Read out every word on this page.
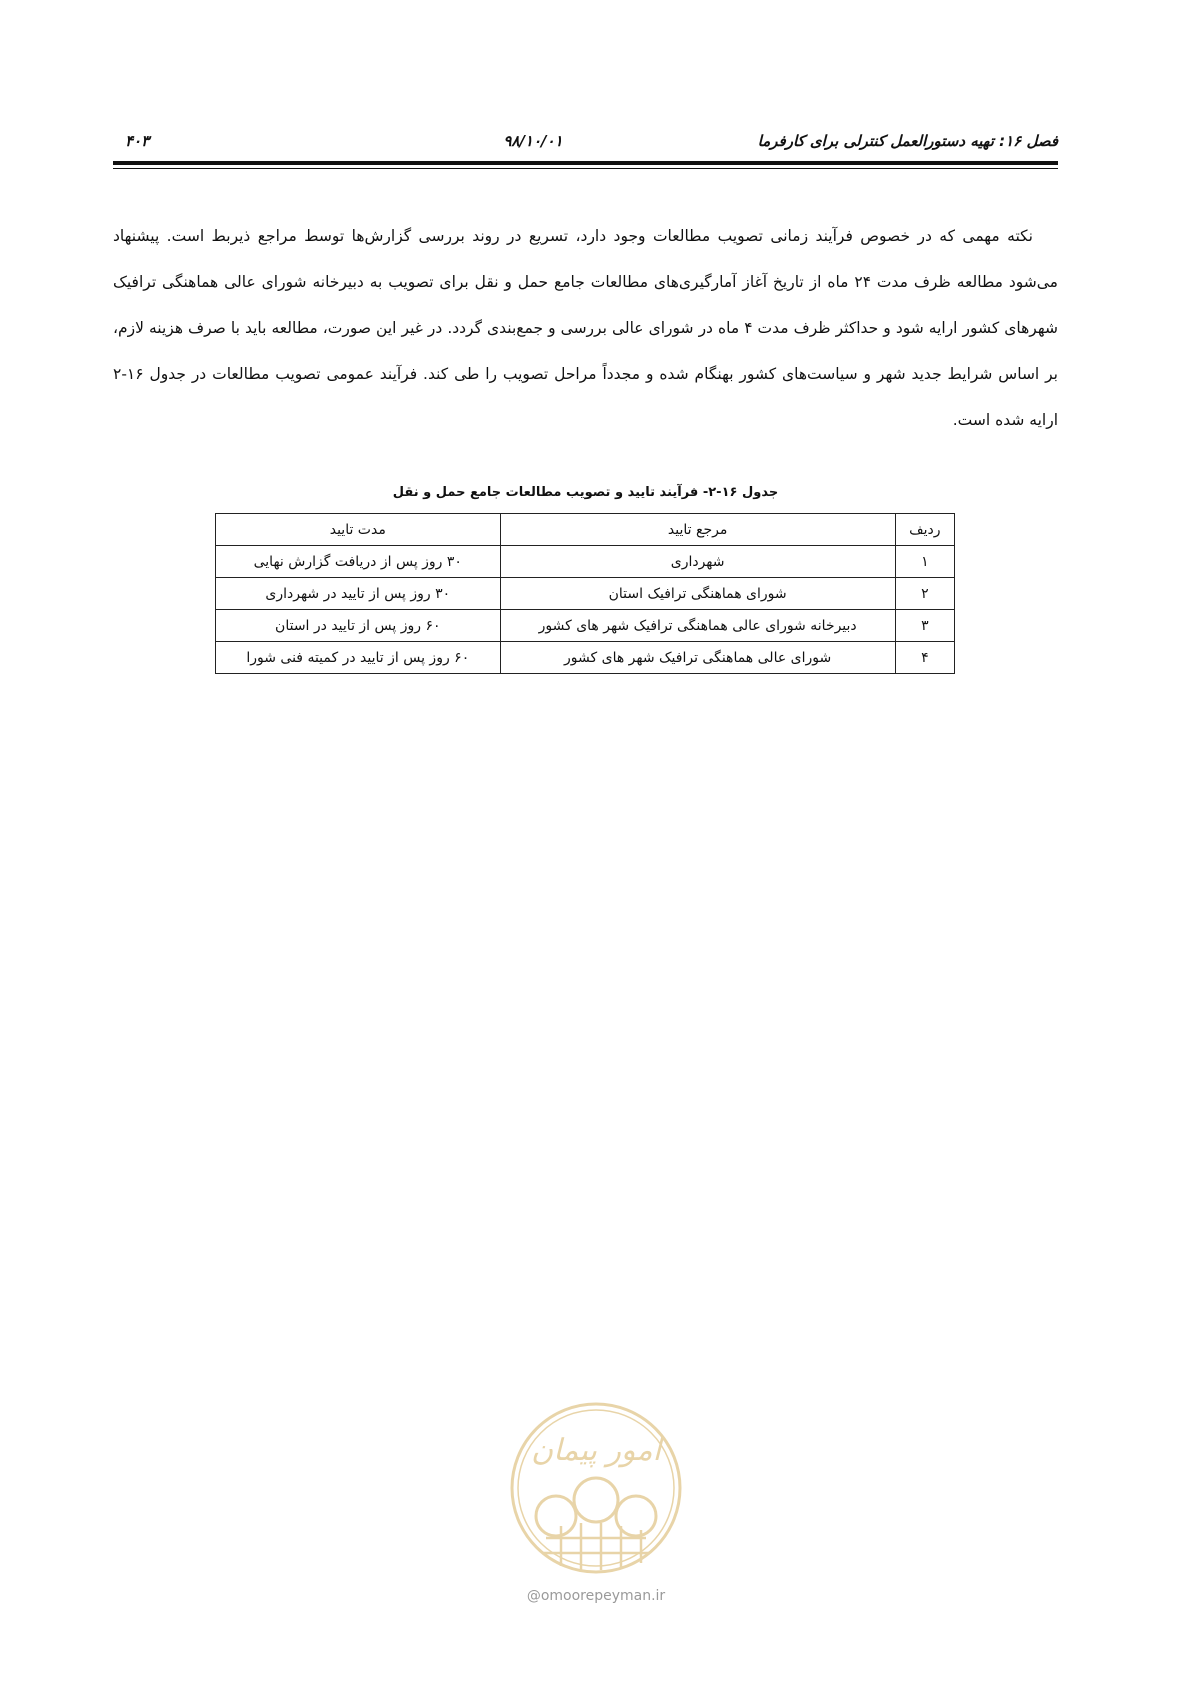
فصل ۱۶: تهیه دستورالعمل کنترلی برای کارفرما
۹۸/۱۰/۰۱
۴۰۳

نکته مهمی که در خصوص فرآیند زمانی تصویب مطالعات وجود دارد، تسریع در روند بررسی گزارش‌ها توسط مراجع ذیربط است. پیشنهاد می‌شود مطالعه ظرف مدت ۲۴ ماه از تاریخ آغاز آمارگیری‌های مطالعات جامع حمل و نقل برای تصویب به دبیرخانه شورای عالی هماهنگی ترافیک شهرهای کشور ارایه شود و حداکثر ظرف مدت ۴ ماه در شورای عالی بررسی و جمع‌بندی گردد. در غیر این صورت، مطالعه باید با صرف هزینه لازم، بر اساس شرایط جدید شهر و سیاست‌های کشور بهنگام شده و مجدداً مراحل تصویب را طی کند. فرآیند عمومی تصویب مطالعات در جدول ۱۶-۲ ارایه شده است.

جدول ۱۶-۲- فرآیند تایید و تصویب مطالعات جامع حمل و نقل
ردیف	مرجع تایید	مدت تایید
۱	شهرداری	۳۰ روز پس از دریافت گزارش نهایی
۲	شورای هماهنگی ترافیک استان	۳۰ روز پس از تایید در شهرداری
۳	دبیرخانه شورای عالی هماهنگی ترافیک شهر های کشور	۶۰ روز پس از تایید در استان
۴	شورای عالی هماهنگی ترافیک شهر های کشور	۶۰ روز پس از تایید در کمیته فنی شورا
امور پیمان
@omoorepeyman.ir
